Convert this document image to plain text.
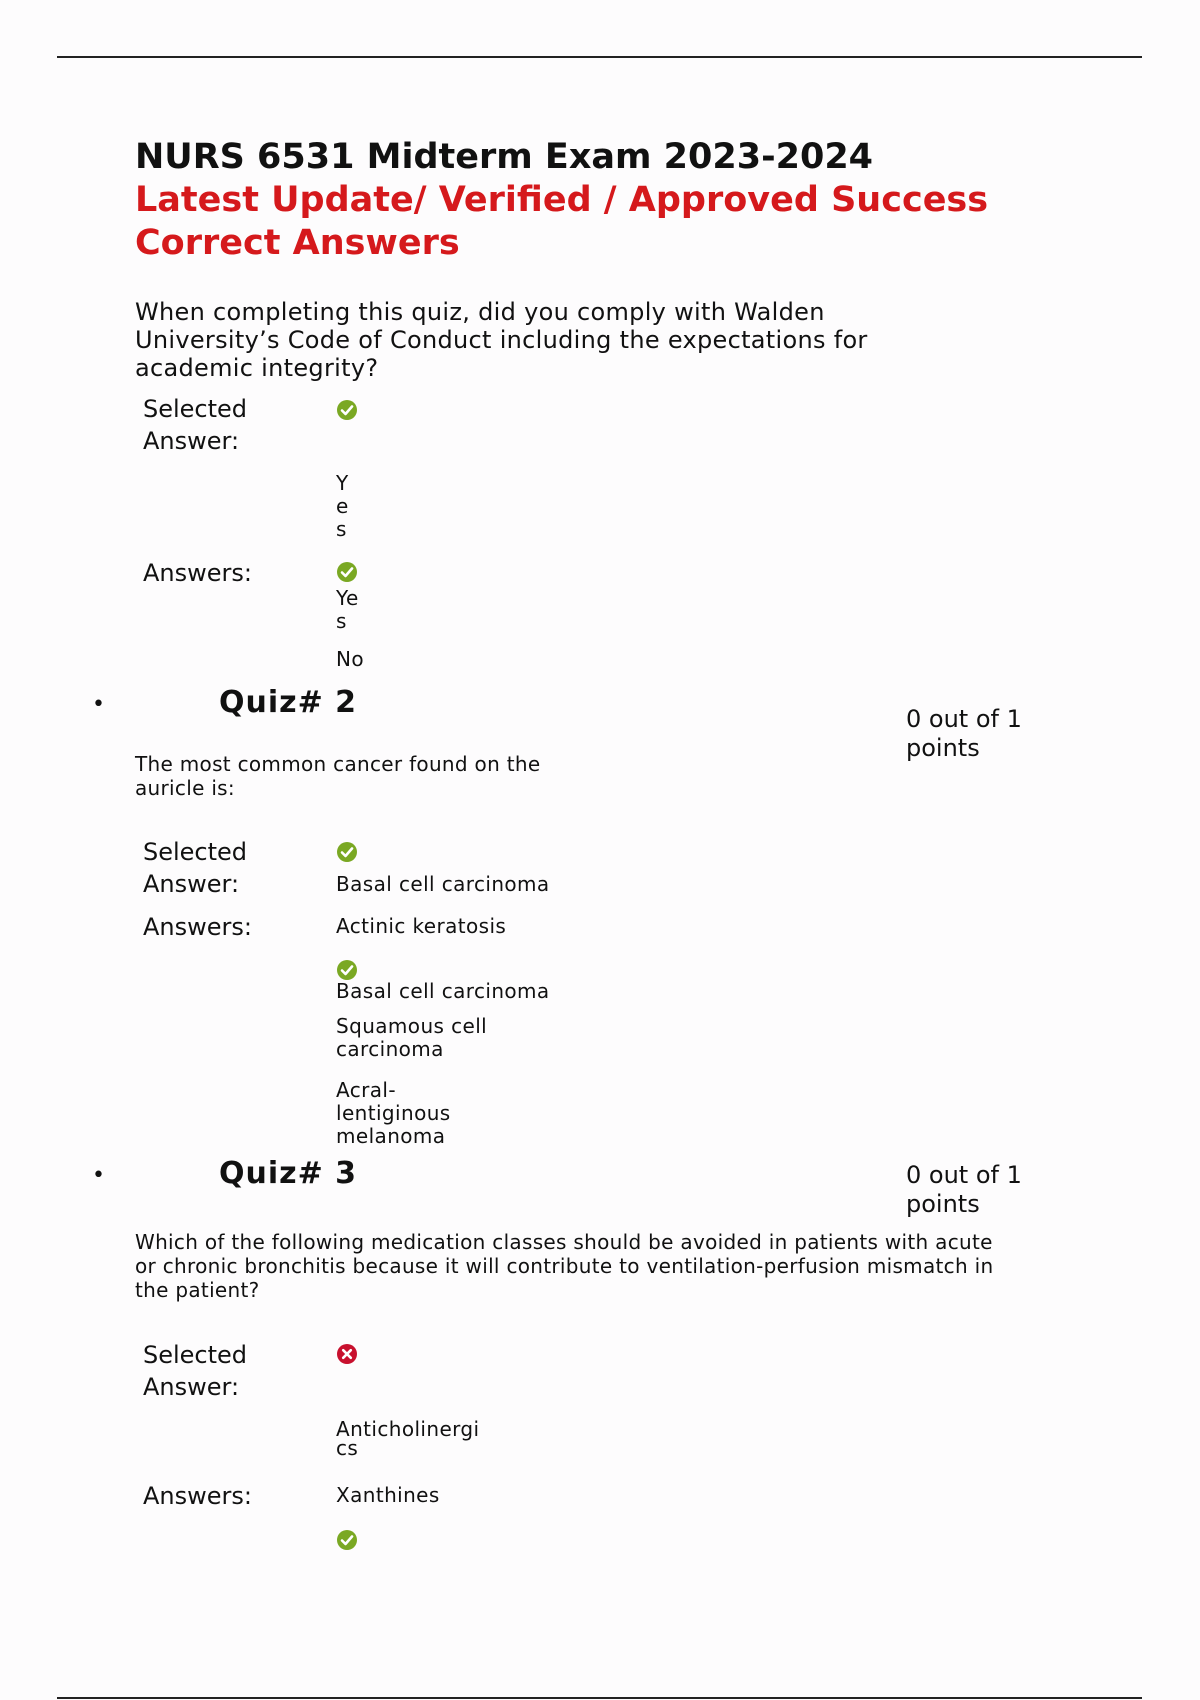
NURS 6531 Midterm Exam 2023-2024
Latest Update/ Verified / Approved Success
Correct Answers
When completing this quiz, did you comply with Walden University’s Code of Conduct including the expectations for academic integrity?
Selected Answer:
Yes
Answers:
Yes
No
•	Quiz# 2	0 out of 1 points
The most common cancer found on the auricle is:
Selected Answer:	Basal cell carcinoma
Answers:	Actinic keratosis
Basal cell carcinoma
Squamous cell carcinoma
Acral-lentiginous melanoma
•	Quiz# 3	0 out of 1 points
Which of the following medication classes should be avoided in patients with acute or chronic bronchitis because it will contribute to ventilation-perfusion mismatch in the patient?
Selected Answer:
Anticholinergi cs
Answers:	Xanthines
